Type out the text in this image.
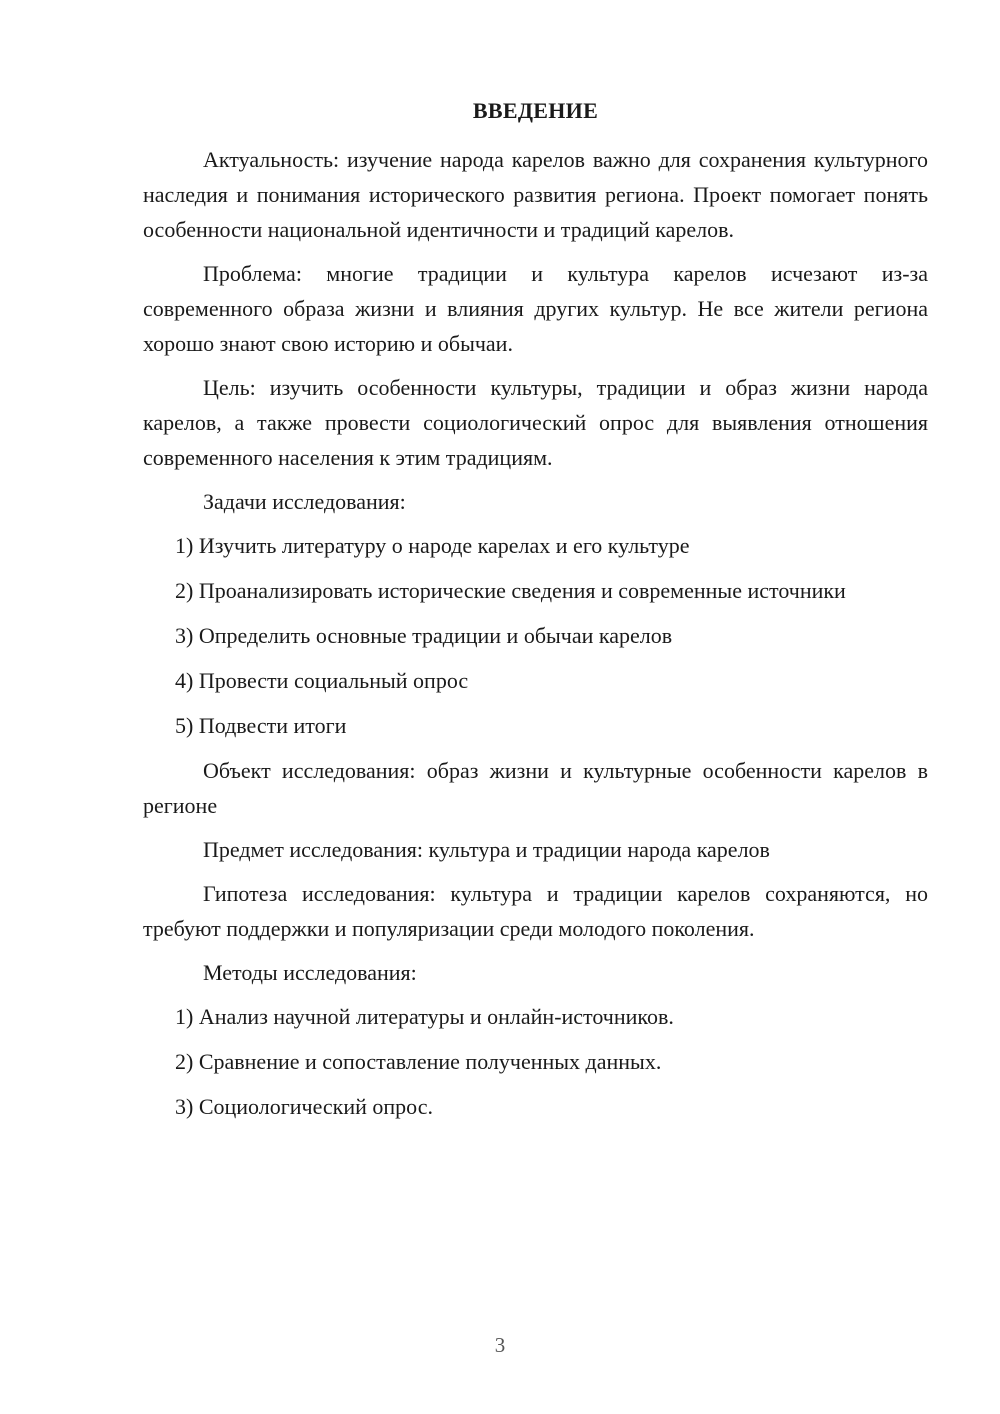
ВВЕДЕНИЕ

Актуальность: изучение народа карелов важно для сохранения культурного наследия и понимания исторического развития региона. Проект помогает понять особенности национальной идентичности и традиций карелов.

Проблема: многие традиции и культура карелов исчезают из-за современного образа жизни и влияния других культур. Не все жители региона хорошо знают свою историю и обычаи.

Цель: изучить особенности культуры, традиции и образ жизни народа карелов, а также провести социологический опрос для выявления отношения современного населения к этим традициям.

Задачи исследования:

1) Изучить литературу о народе карелах и его культуре

2) Проанализировать исторические сведения и современные источники

3) Определить основные традиции и обычаи карелов

4) Провести социальный опрос

5) Подвести итоги

Объект исследования: образ жизни и культурные особенности карелов в регионе

Предмет исследования: культура и традиции народа карелов

Гипотеза исследования: культура и традиции карелов сохраняются, но требуют поддержки и популяризации среди молодого поколения.

Методы исследования:

1) Анализ научной литературы и онлайн-источников.

2) Сравнение и сопоставление полученных данных.

3) Социологический опрос.

3
